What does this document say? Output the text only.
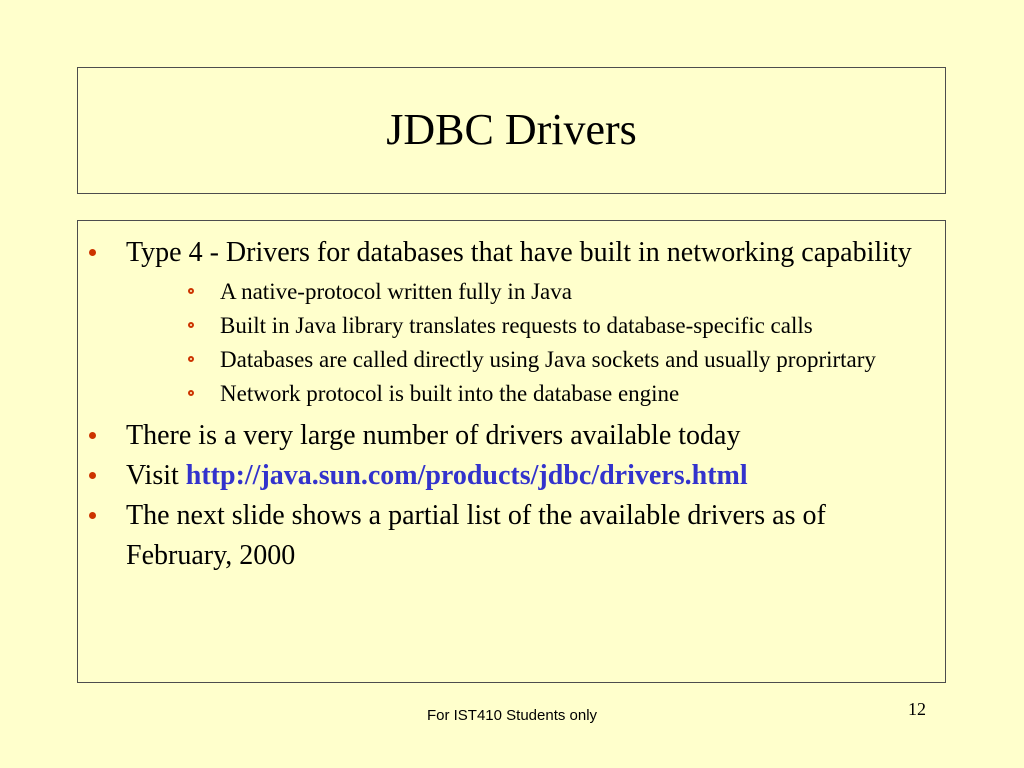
JDBC Drivers
Type 4 - Drivers for databases that have built in networking capability
A native-protocol written fully in Java
Built in Java library translates requests to database-specific calls
Databases are called directly using Java sockets and usually proprirtary
Network protocol is built into the database engine
There is a very large number of drivers available today
Visit http://java.sun.com/products/jdbc/drivers.html
The next slide shows a partial list of the available drivers as of February, 2000
For IST410 Students only	12
